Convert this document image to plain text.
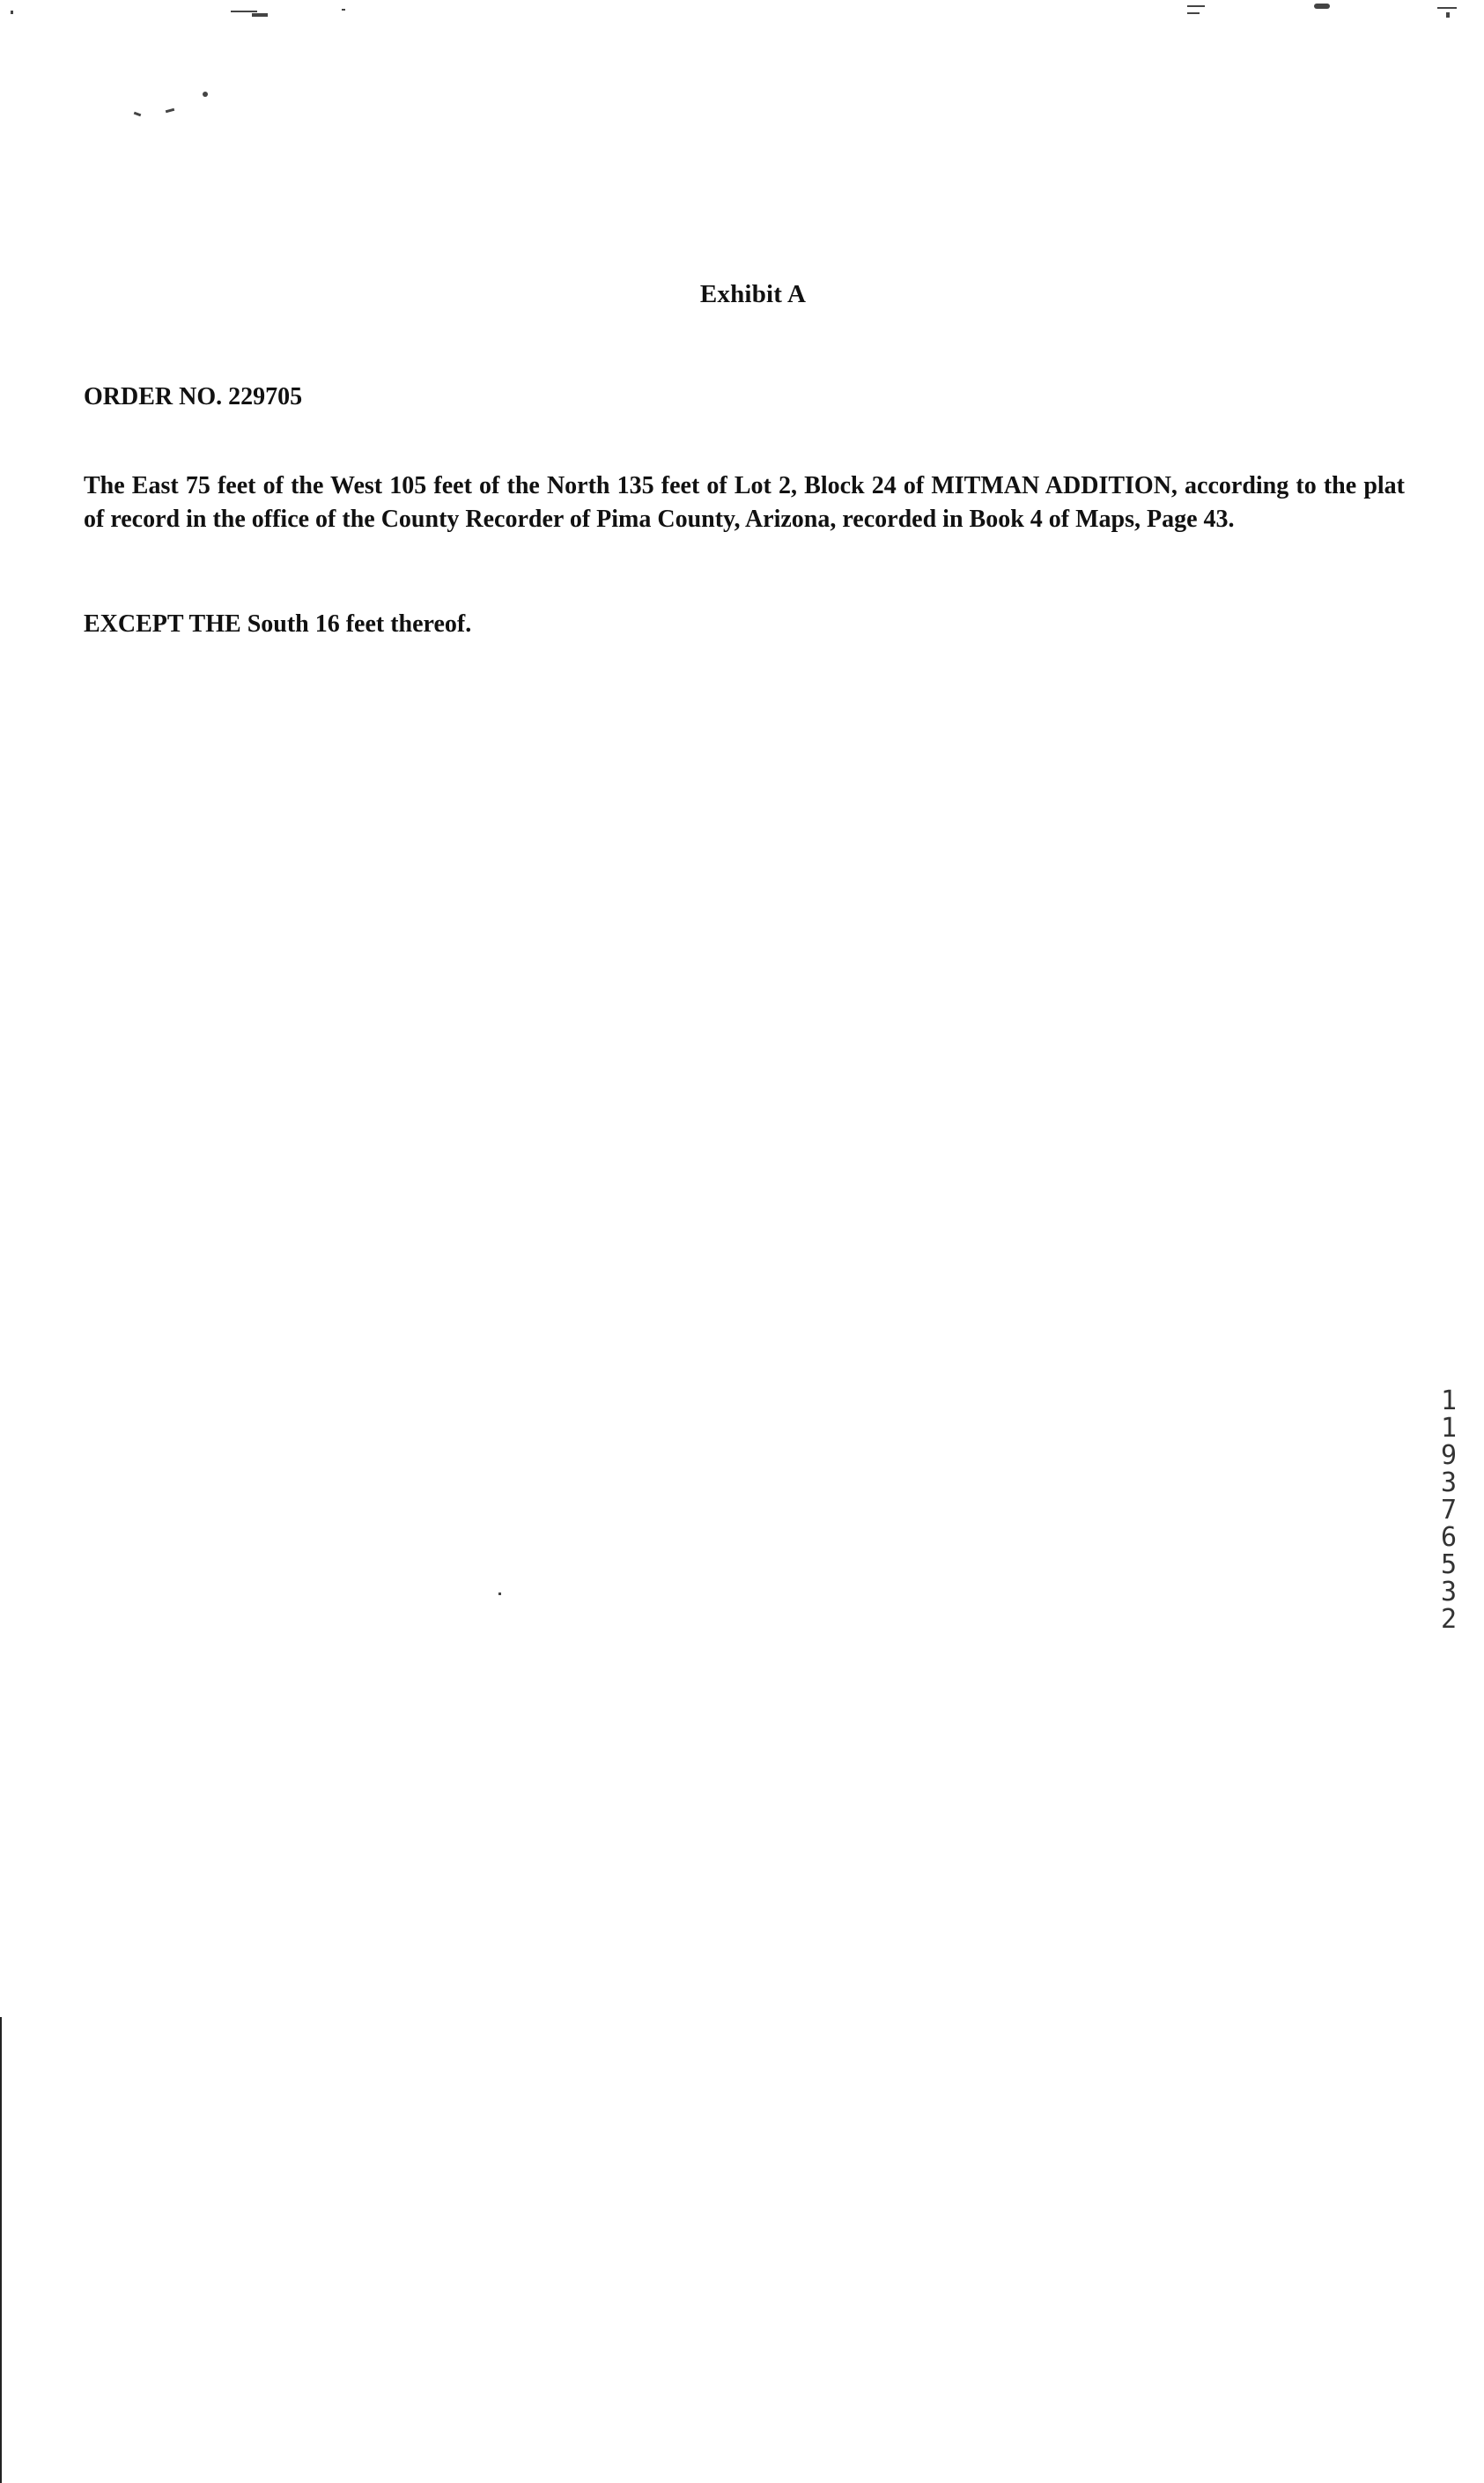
Exhibit A
ORDER NO. 229705
The East 75 feet of the West 105 feet of the North 135 feet of Lot 2, Block 24 of MITMAN ADDITION, according to the plat of record in the office of the County Recorder of Pima County, Arizona, recorded in Book 4 of Maps, Page 43.
EXCEPT THE South 16 feet thereof.
11937 6532
